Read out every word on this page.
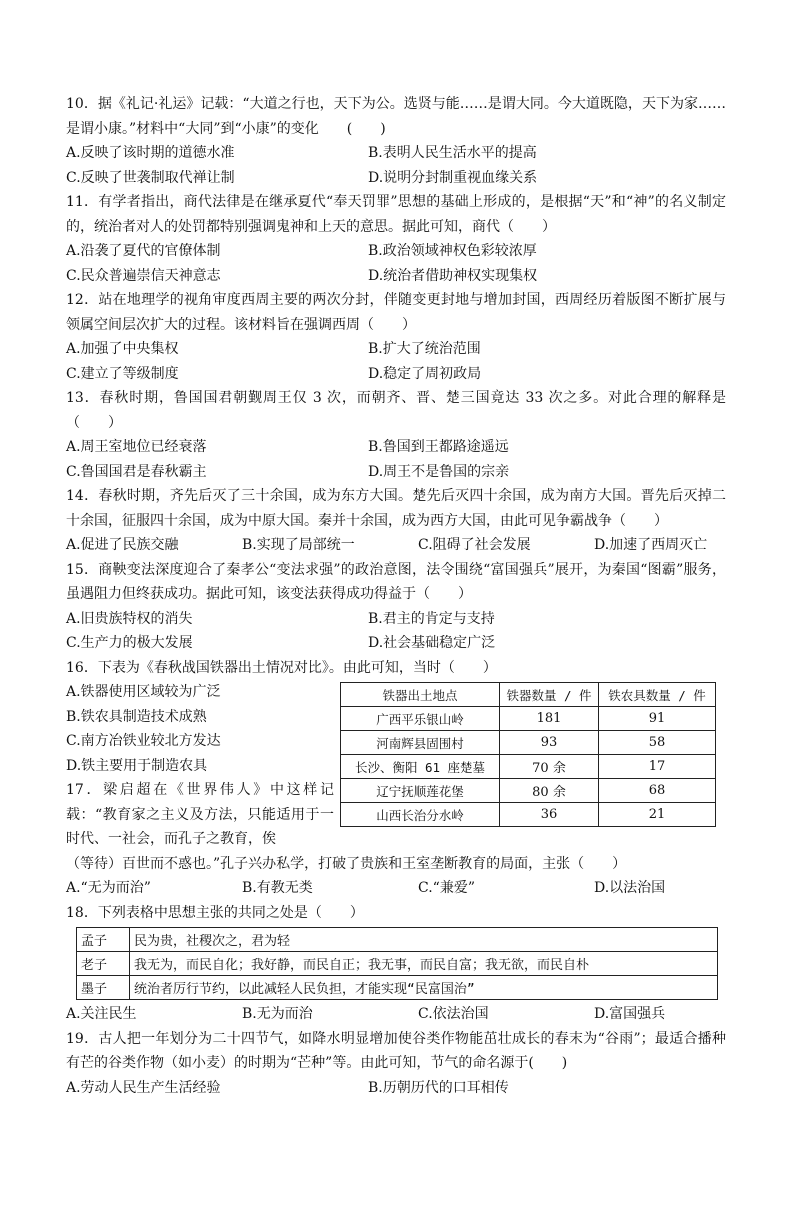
10．据《礼记·礼运》记载：“大道之行也，天下为公。选贤与能……是谓大同。今大道既隐，天下为家……是谓小康。”材料中“大同”到“小康”的变化　　(　　)

A.反映了该时期的道德水准	B.表明人民生活水平的提高
C.反映了世袭制取代禅让制	D.说明分封制重视血缘关系

11．有学者指出，商代法律是在继承夏代“奉天罚罪”思想的基础上形成的，是根据“天”和“神”的名义制定的，统治者对人的处罚都特别强调鬼神和上天的意思。据此可知，商代（　　）

A.沿袭了夏代的官僚体制	B.政治领域神权色彩较浓厚
C.民众普遍崇信天神意志	D.统治者借助神权实现集权

12．站在地理学的视角审度西周主要的两次分封，伴随变更封地与增加封国，西周经历着版图不断扩展与领属空间层次扩大的过程。该材料旨在强调西周（　　）

A.加强了中央集权	B.扩大了统治范围
C.建立了等级制度	D.稳定了周初政局

13．春秋时期，鲁国国君朝觐周王仅 3 次，而朝齐、晋、楚三国竟达 33 次之多。对此合理的解释是（　　）

A.周王室地位已经衰落	B.鲁国到王都路途遥远
C.鲁国国君是春秋霸主	D.周王不是鲁国的宗亲

14．春秋时期，齐先后灭了三十余国，成为东方大国。楚先后灭四十余国，成为南方大国。晋先后灭掉二十余国，征服四十余国，成为中原大国。秦并十余国，成为西方大国，由此可见争霸战争（　　）

A.促进了民族交融	B.实现了局部统一	C.阻碍了社会发展	D.加速了西周灭亡

15．商鞅变法深度迎合了秦孝公“变法求强”的政治意图，法令围绕“富国强兵”展开，为秦国“图霸”服务，虽遇阻力但终获成功。据此可知，该变法获得成功得益于（　　）

A.旧贵族特权的消失	B.君主的肯定与支持
C.生产力的极大发展	D.社会基础稳定广泛

16．下表为《春秋战国铁器出土情况对比》。由此可知，当时（　　）

A.铁器使用区域较为广泛
B.铁农具制造技术成熟
C.南方冶铁业较北方发达
D.铁主要用于制造农具
铁器出土地点	铁器数量 / 件	铁农具数量 / 件
广西平乐银山岭	181	91
河南辉县固围村	93	58
长沙、衡阳 61 座楚墓	70 余	17
辽宁抚顺莲花堡	80 余	68
山西长治分水岭	36	21

17．梁启超在《世界伟人》中这样记载：“教育家之主义及方法，只能适用于一时代、一社会，而孔子之教育，俟

（等待）百世而不惑也。”孔子兴办私学，打破了贵族和王室垄断教育的局面，主张（　　）

A.“无为而治”	B.有教无类	C.“兼爱”	D.以法治国

18．下列表格中思想主张的共同之处是（　　）

孟子	民为贵，社稷次之，君为轻
老子	我无为，而民自化；我好静，而民自正；我无事，而民自富；我无欲，而民自朴
墨子	统治者厉行节约，以此减轻人民负担，才能实现“民富国治”
A.关注民生	B.无为而治	C.依法治国	D.富国强兵

19．古人把一年划分为二十四节气，如降水明显增加使谷类作物能茁壮成长的春末为“谷雨”；最适合播种有芒的谷类作物（如小麦）的时期为“芒种”等。由此可知，节气的命名源于(　　)

A.劳动人民生产生活经验	B.历朝历代的口耳相传
